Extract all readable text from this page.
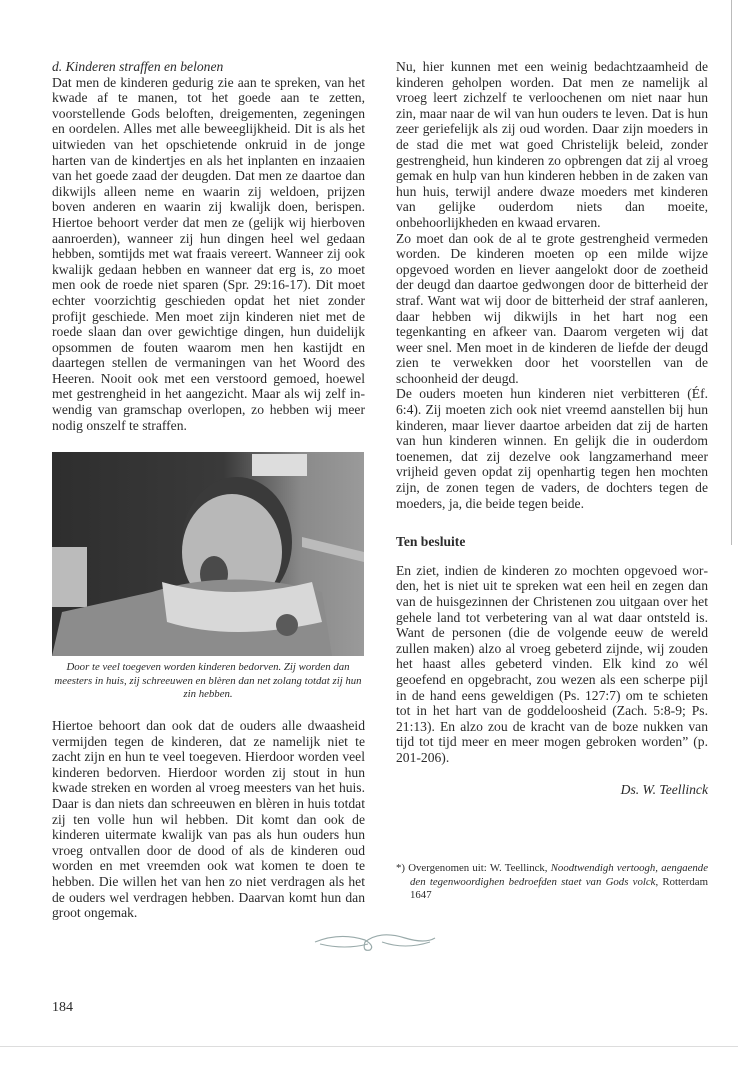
d. Kinderen straffen en belonen

Dat men de kinderen gedurig zie aan te spreken, van het kwade af te manen, tot het goede aan te zetten, voorstellende Gods beloften, dreigementen, zegeningen en oordelen. Alles met alle beweeglijkheid. Dit is als het uitwieden van het opschietende onkruid in de jonge harten van de kindertjes en als het inplanten en inzaaien van het goede zaad der deugden. Dat men ze daartoe dan dikwijls alleen neme en waarin zij weldoen, prijzen boven anderen en waarin zij kwalijk doen, berispen. Hiertoe behoort verder dat men ze (gelijk wij hierboven aanroerden), wanneer zij hun dingen heel wel gedaan hebben, somtijds met wat fraais vereert. Wanneer zij ook kwalijk gedaan hebben en wanneer dat erg is, zo moet men ook de roede niet sparen (Spr. 29:16-17). Dit moet echter voorzichtig geschieden opdat het niet zonder profijt geschiede. Men moet zijn kinderen niet met de roede slaan dan over gewichtige dingen, hun duidelijk opsommen de fouten waarom men hen kastijdt en daartegen stellen de vermaningen van het Woord des Heeren. Nooit ook met een verstoord gemoed, hoewel met gestrengheid in het aangezicht. Maar als wij zelf inwendig van gramschap overlopen, zo hebben wij meer nodig onszelf te straffen.

Door te veel toegeven worden kinderen bedorven. Zij worden dan meesters in huis, zij schreeuwen en blèren dan net zolang totdat zij hun zin hebben.

Hiertoe behoort dan ook dat de ouders alle dwaasheid vermijden tegen de kinderen, dat ze namelijk niet te zacht zijn en hun te veel toegeven. Hierdoor worden veel kinderen bedorven. Hierdoor worden zij stout in hun kwade streken en worden al vroeg meesters van het huis. Daar is dan niets dan schreeuwen en blèren in huis totdat zij ten volle hun wil hebben. Dit komt dan ook de kinderen uitermate kwalijk van pas als hun ouders hun vroeg ontvallen door de dood of als de kinderen oud worden en met vreemden ook wat komen te doen te hebben. Die willen het van hen zo niet verdragen als het de ouders wel verdragen hebben. Daarvan komt hun dan groot ongemak.

Nu, hier kunnen met een weinig bedachtzaamheid de kinderen geholpen worden. Dat men ze namelijk al vroeg leert zichzelf te verloochenen om niet naar hun zin, maar naar de wil van hun ouders te leven. Dat is hun zeer geriefelijk als zij oud worden. Daar zijn moeders in de stad die met wat goed Christelijk beleid, zonder gestrengheid, hun kinderen zo opbrengen dat zij al vroeg gemak en hulp van hun kinderen hebben in de zaken van hun huis, terwijl andere dwaze moeders met kinderen van gelijke ouderdom niets dan moeite, onbehoorlijkheden en kwaad ervaren.

Zo moet dan ook de al te grote gestrengheid vermeden worden. De kinderen moeten op een milde wijze opgevoed worden en liever aangelokt door de zoetheid der deugd dan daartoe gedwongen door de bitterheid der straf. Want wat wij door de bitterheid der straf aanleren, daar hebben wij dikwijls in het hart nog een tegenkanting en afkeer van. Daarom vergeten wij dat weer snel. Men moet in de kinderen de liefde der deugd zien te verwekken door het voorstellen van de schoonheid der deugd.

De ouders moeten hun kinderen niet verbitteren (Éf. 6:4). Zij moeten zich ook niet vreemd aanstellen bij hun kinderen, maar liever daartoe arbeiden dat zij de harten van hun kinderen winnen. En gelijk die in ouderdom toenemen, dat zij dezelve ook langzamerhand meer vrijheid geven opdat zij openhartig tegen hen mochten zijn, de zonen tegen de vaders, de dochters tegen de moeders, ja, die beide tegen beide.

Ten besluite

En ziet, indien de kinderen zo mochten opgevoed worden, het is niet uit te spreken wat een heil en zegen dan van de huisgezinnen der Christenen zou uitgaan over het gehele land tot verbetering van al wat daar ontsteld is. Want de personen (die de volgende eeuw de wereld zullen maken) alzo al vroeg gebeterd zijnde, wij zouden het haast alles gebeterd vinden. Elk kind zo wél geoefend en opgebracht, zou wezen als een scherpe pijl in de hand eens geweldigen (Ps. 127:7) om te schieten tot in het hart van de goddeloosheid (Zach. 5:8-9; Ps. 21:13). En alzo zou de kracht van de boze nukken van tijd tot tijd meer en meer mogen gebroken worden” (p. 201-206).

Ds. W. Teellinck

*) Overgenomen uit: W. Teellinck, Noodtwendigh vertoogh, aengaende den tegenwoordighen bedroefden staet van Gods volck, Rotterdam 1647
184
